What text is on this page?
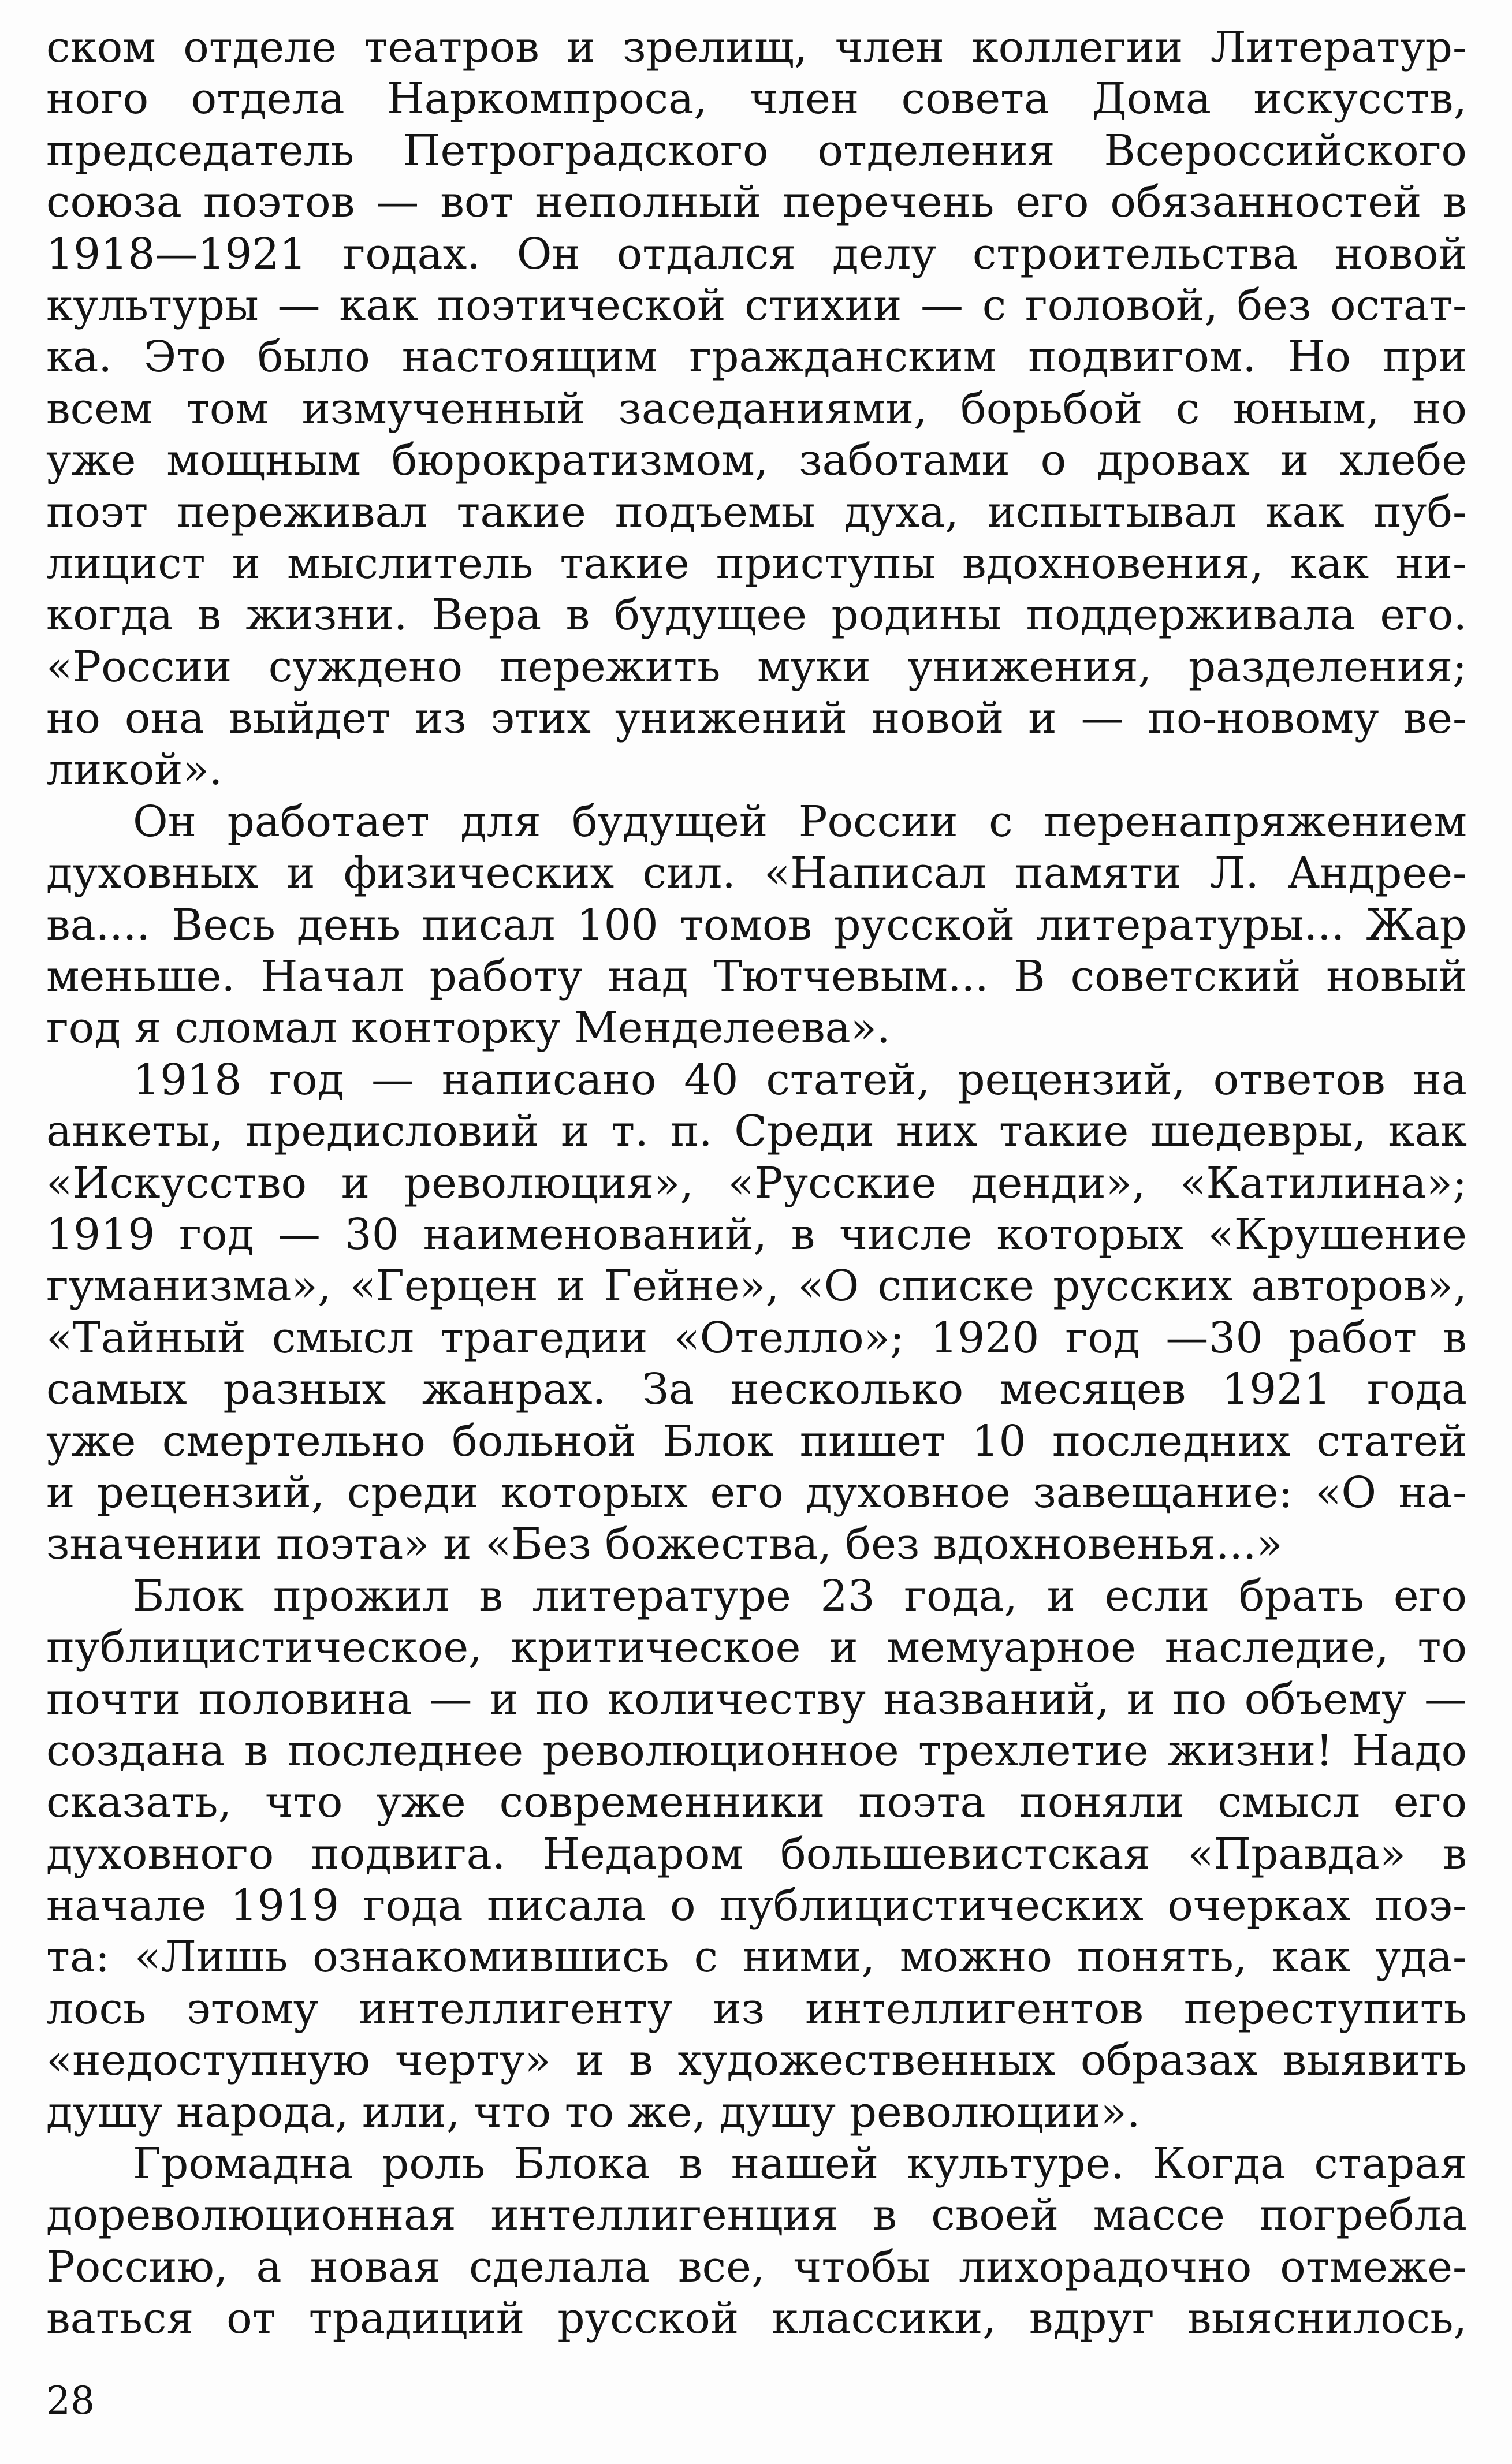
ском отделе театров и зрелищ, член коллегии Литератур-
ного отдела Наркомпроса, член совета Дома искусств,
председатель Петроградского отделения Всероссийского
союза поэтов — вот неполный перечень его обязанностей в
1918—1921 годах. Он отдался делу строительства новой
культуры — как поэтической стихии — с головой, без остат-
ка. Это было настоящим гражданским подвигом. Но при
всем том измученный заседаниями, борьбой с юным, но
уже мощным бюрократизмом, заботами о дровах и хлебе
поэт переживал такие подъемы духа, испытывал как пуб-
лицист и мыслитель такие приступы вдохновения, как ни-
когда в жизни. Вера в будущее родины поддерживала его.
«России суждено пережить муки унижения, разделения;
но она выйдет из этих унижений новой и — по-новому ве-
ликой».
Он работает для будущей России с перенапряжением
духовных и физических сил. «Написал памяти Л. Андрее-
ва.... Весь день писал 100 томов русской литературы... Жар
меньше. Начал работу над Тютчевым... В советский новый
год я сломал конторку Менделеева».
1918 год — написано 40 статей, рецензий, ответов на
анкеты, предисловий и т. п. Среди них такие шедевры, как
«Искусство и революция», «Русские денди», «Катилина»;
1919 год — 30 наименований, в числе которых «Крушение
гуманизма», «Герцен и Гейне», «О списке русских авторов»,
«Тайный смысл трагедии «Отелло»; 1920 год —30 работ в
самых разных жанрах. За несколько месяцев 1921 года
уже смертельно больной Блок пишет 10 последних статей
и рецензий, среди которых его духовное завещание: «О на-
значении поэта» и «Без божества, без вдохновенья...»
Блок прожил в литературе 23 года, и если брать его
публицистическое, критическое и мемуарное наследие, то
почти половина — и по количеству названий, и по объему —
создана в последнее революционное трехлетие жизни! Надо
сказать, что уже современники поэта поняли смысл его
духовного подвига. Недаром большевистская «Правда» в
начале 1919 года писала о публицистических очерках поэ-
та: «Лишь ознакомившись с ними, можно понять, как уда-
лось этому интеллигенту из интеллигентов переступить
«недоступную черту» и в художественных образах выявить
душу народа, или, что то же, душу революции».
Громадна роль Блока в нашей культуре. Когда старая
дореволюционная интеллигенция в своей массе погребла
Россию, а новая сделала все, чтобы лихорадочно отмеже-
ваться от традиций русской классики, вдруг выяснилось,
28
